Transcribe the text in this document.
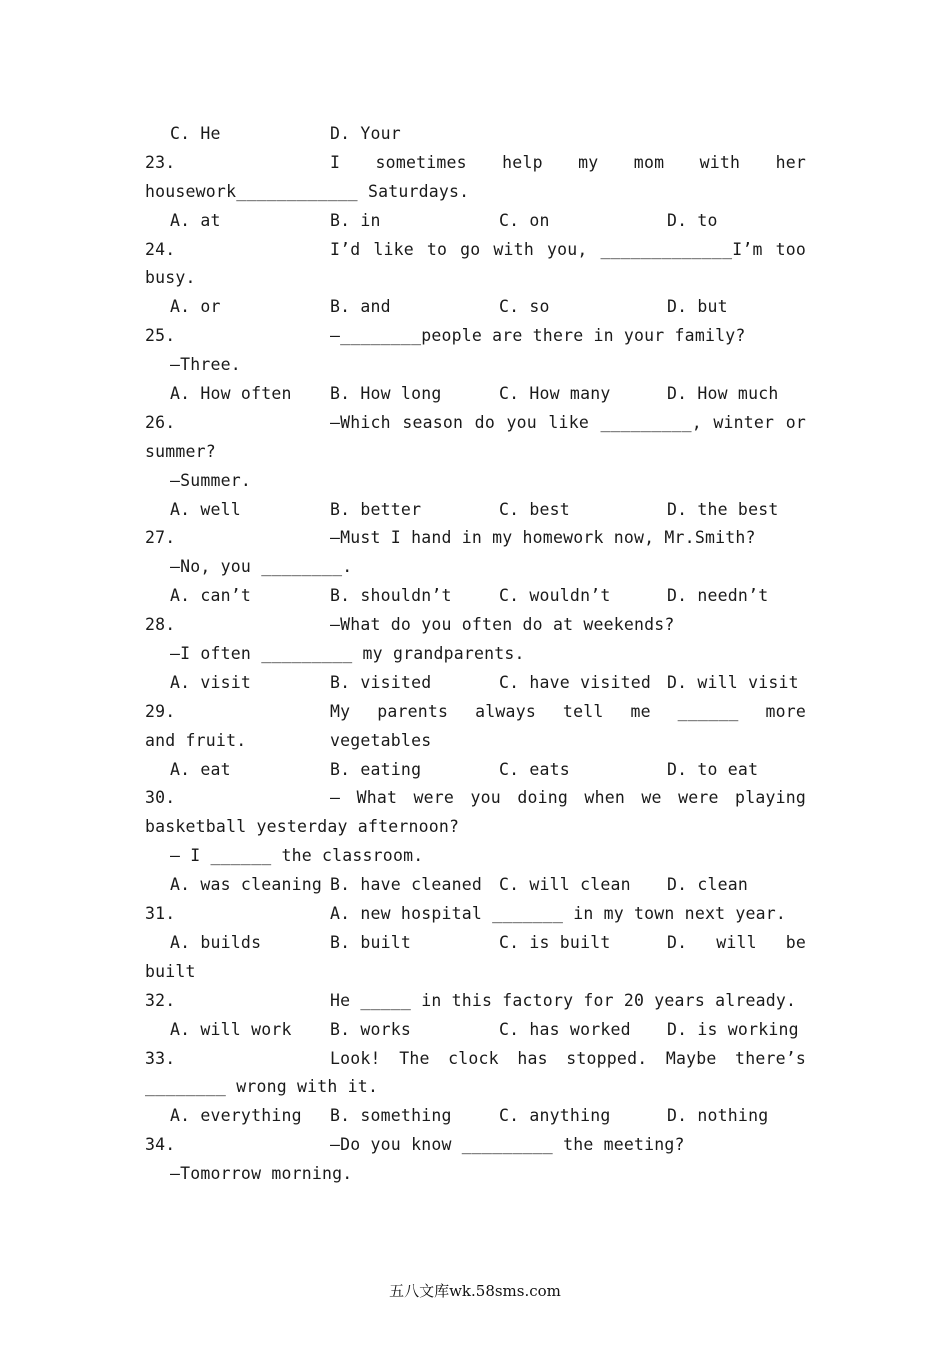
C. He	D. Your
23.	I sometimes help my mom with her
housework____________ Saturdays.
A. at	B. in	C. on	D. to
24.	I’d like to go with you, _____________I’m too
busy.
A. or	B. and	C. so	D. but
25.	—________people are there in your family?
—Three.
A. How often	B. How long	C. How many	D. How much
26.	—Which season do you like _________, winter or
summer?
—Summer.
A. well	B. better	C. best	D. the best
27.	—Must I hand in my homework now, Mr.Smith?
—No, you ________.
A. can’t	B. shouldn’t	C. wouldn’t	D. needn’t
28.	—What do you often do at weekends?
—I often _________ my grandparents.
A. visit	B. visited	C. have visited D. will visit
29.	My parents always tell me ______ more vegetables
and fruit.
A. eat	B. eating	C. eats	D. to eat
30.	— What were you doing when we were playing
basketball yesterday afternoon?
— I ______ the classroom.
A. was cleaning B. have cleaned	C. will clean	D. clean
31.	A. new hospital _______ in my town next year.
A. builds	B. built	C. is built	D. will be
built
32.	He _____ in this factory for 20 years already.
A. will work	B. works	C. has worked	D. is working
33.	Look! The clock has stopped. Maybe there’s
________ wrong with it.
A. everything	B. something	C. anything	D. nothing
34.	—Do you know _________ the meeting?
—Tomorrow morning.
五八文库wk.58sms.com
